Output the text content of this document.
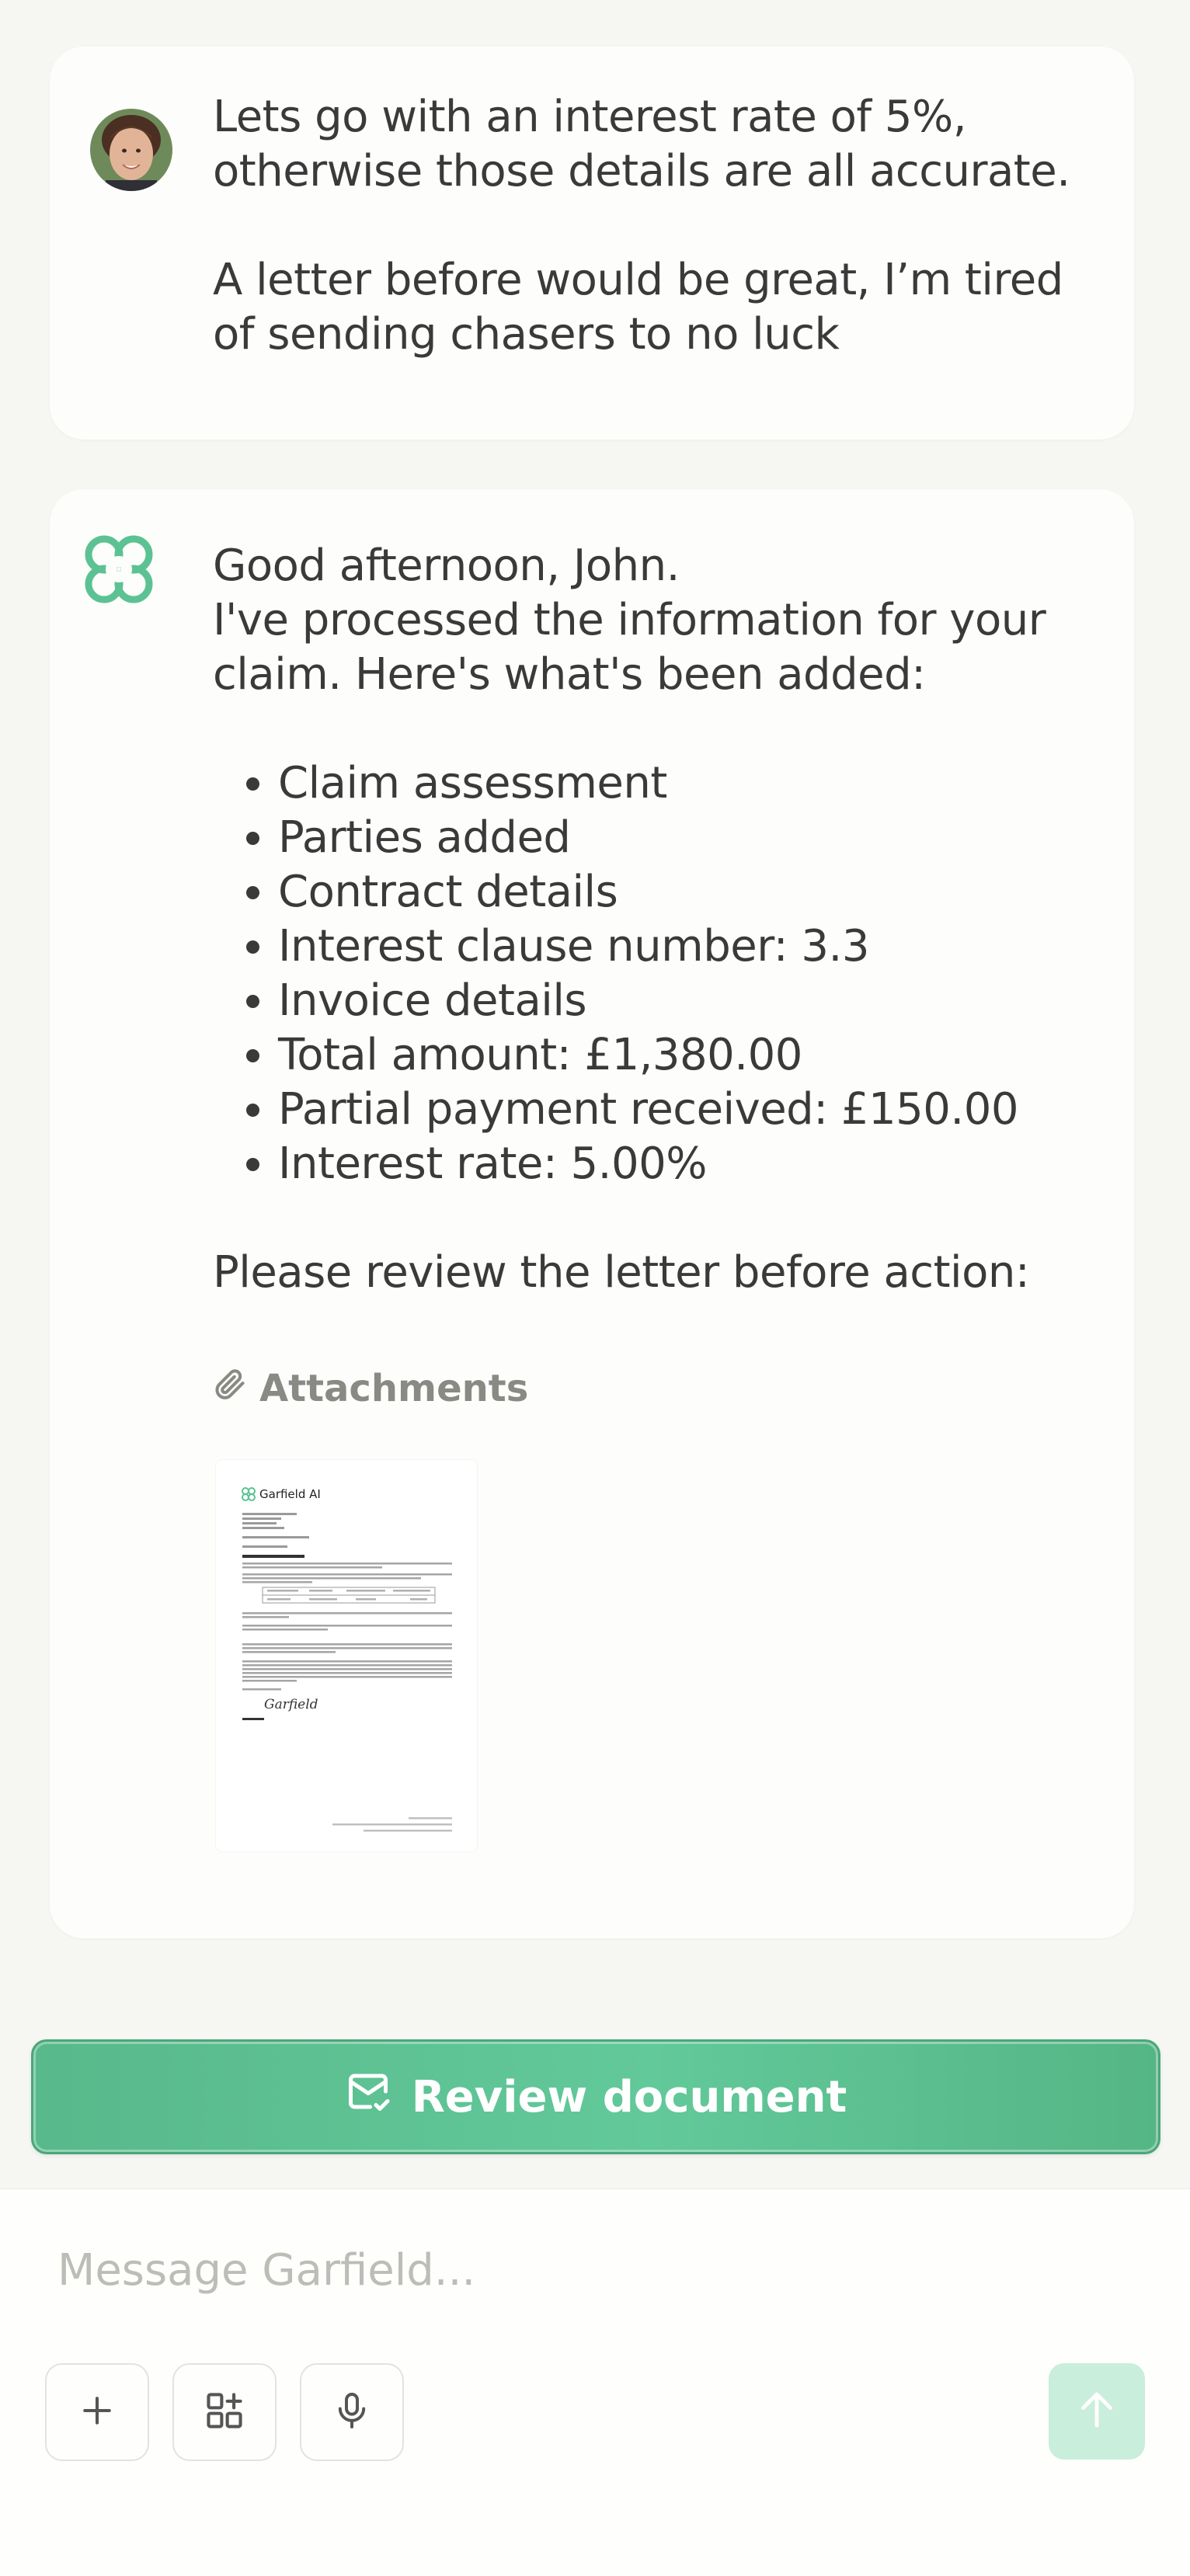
Lets go with an interest rate of 5%, otherwise those details are all accurate.

A letter before would be great, I’m tired of sending chasers to no luck

Good afternoon, John.

I've processed the information for your claim. Here's what's been added:

• Claim assessment
• Parties added
• Contract details
• Interest clause number: 3.3
• Invoice details
• Total amount: £1,380.00
• Partial payment received: £150.00
• Interest rate: 5.00%

Please review the letter before action:

Attachments
Garfield AI
Garfield
Review document
Message Garfield...
